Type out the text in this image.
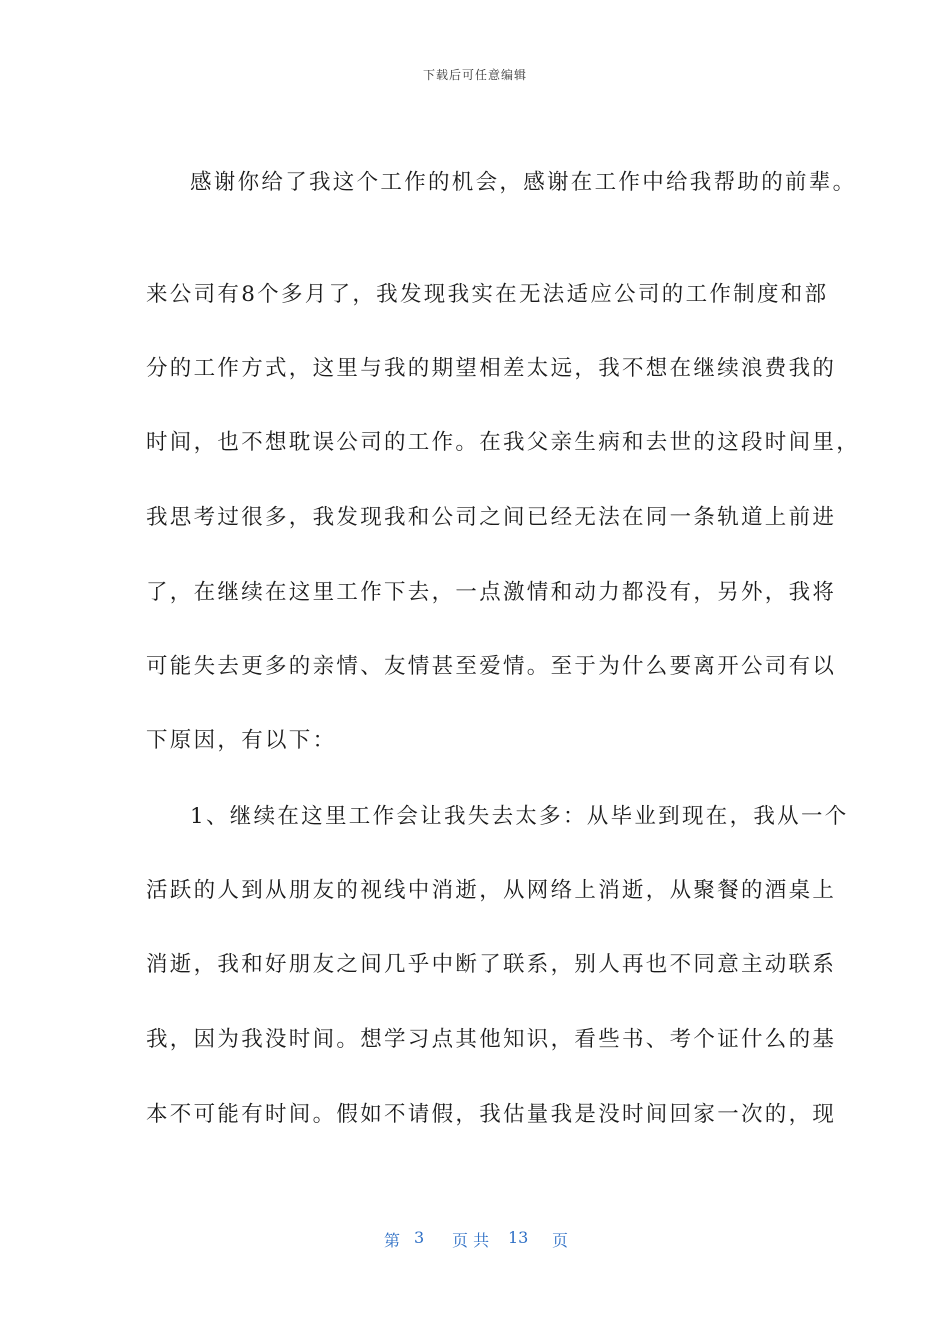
下载后可任意编辑
感谢你给了我这个工作的机会，感谢在工作中给我帮助的前辈。
来公司有8个多月了，我发现我实在无法适应公司的工作制度和部
分的工作方式，这里与我的期望相差太远，我不想在继续浪费我的
时间，也不想耽误公司的工作。在我父亲生病和去世的这段时间里，
我思考过很多，我发现我和公司之间已经无法在同一条轨道上前进
了，在继续在这里工作下去，一点激情和动力都没有，另外，我将
可能失去更多的亲情、友情甚至爱情。至于为什么要离开公司有以
下原因，有以下：
1、继续在这里工作会让我失去太多：从毕业到现在，我从一个
活跃的人到从朋友的视线中消逝，从网络上消逝，从聚餐的酒桌上
消逝，我和好朋友之间几乎中断了联系，别人再也不同意主动联系
我，因为我没时间。想学习点其他知识，看些书、考个证什么的基
本不可能有时间。假如不请假，我估量我是没时间回家一次的，现
第 3 页 共 13 页
